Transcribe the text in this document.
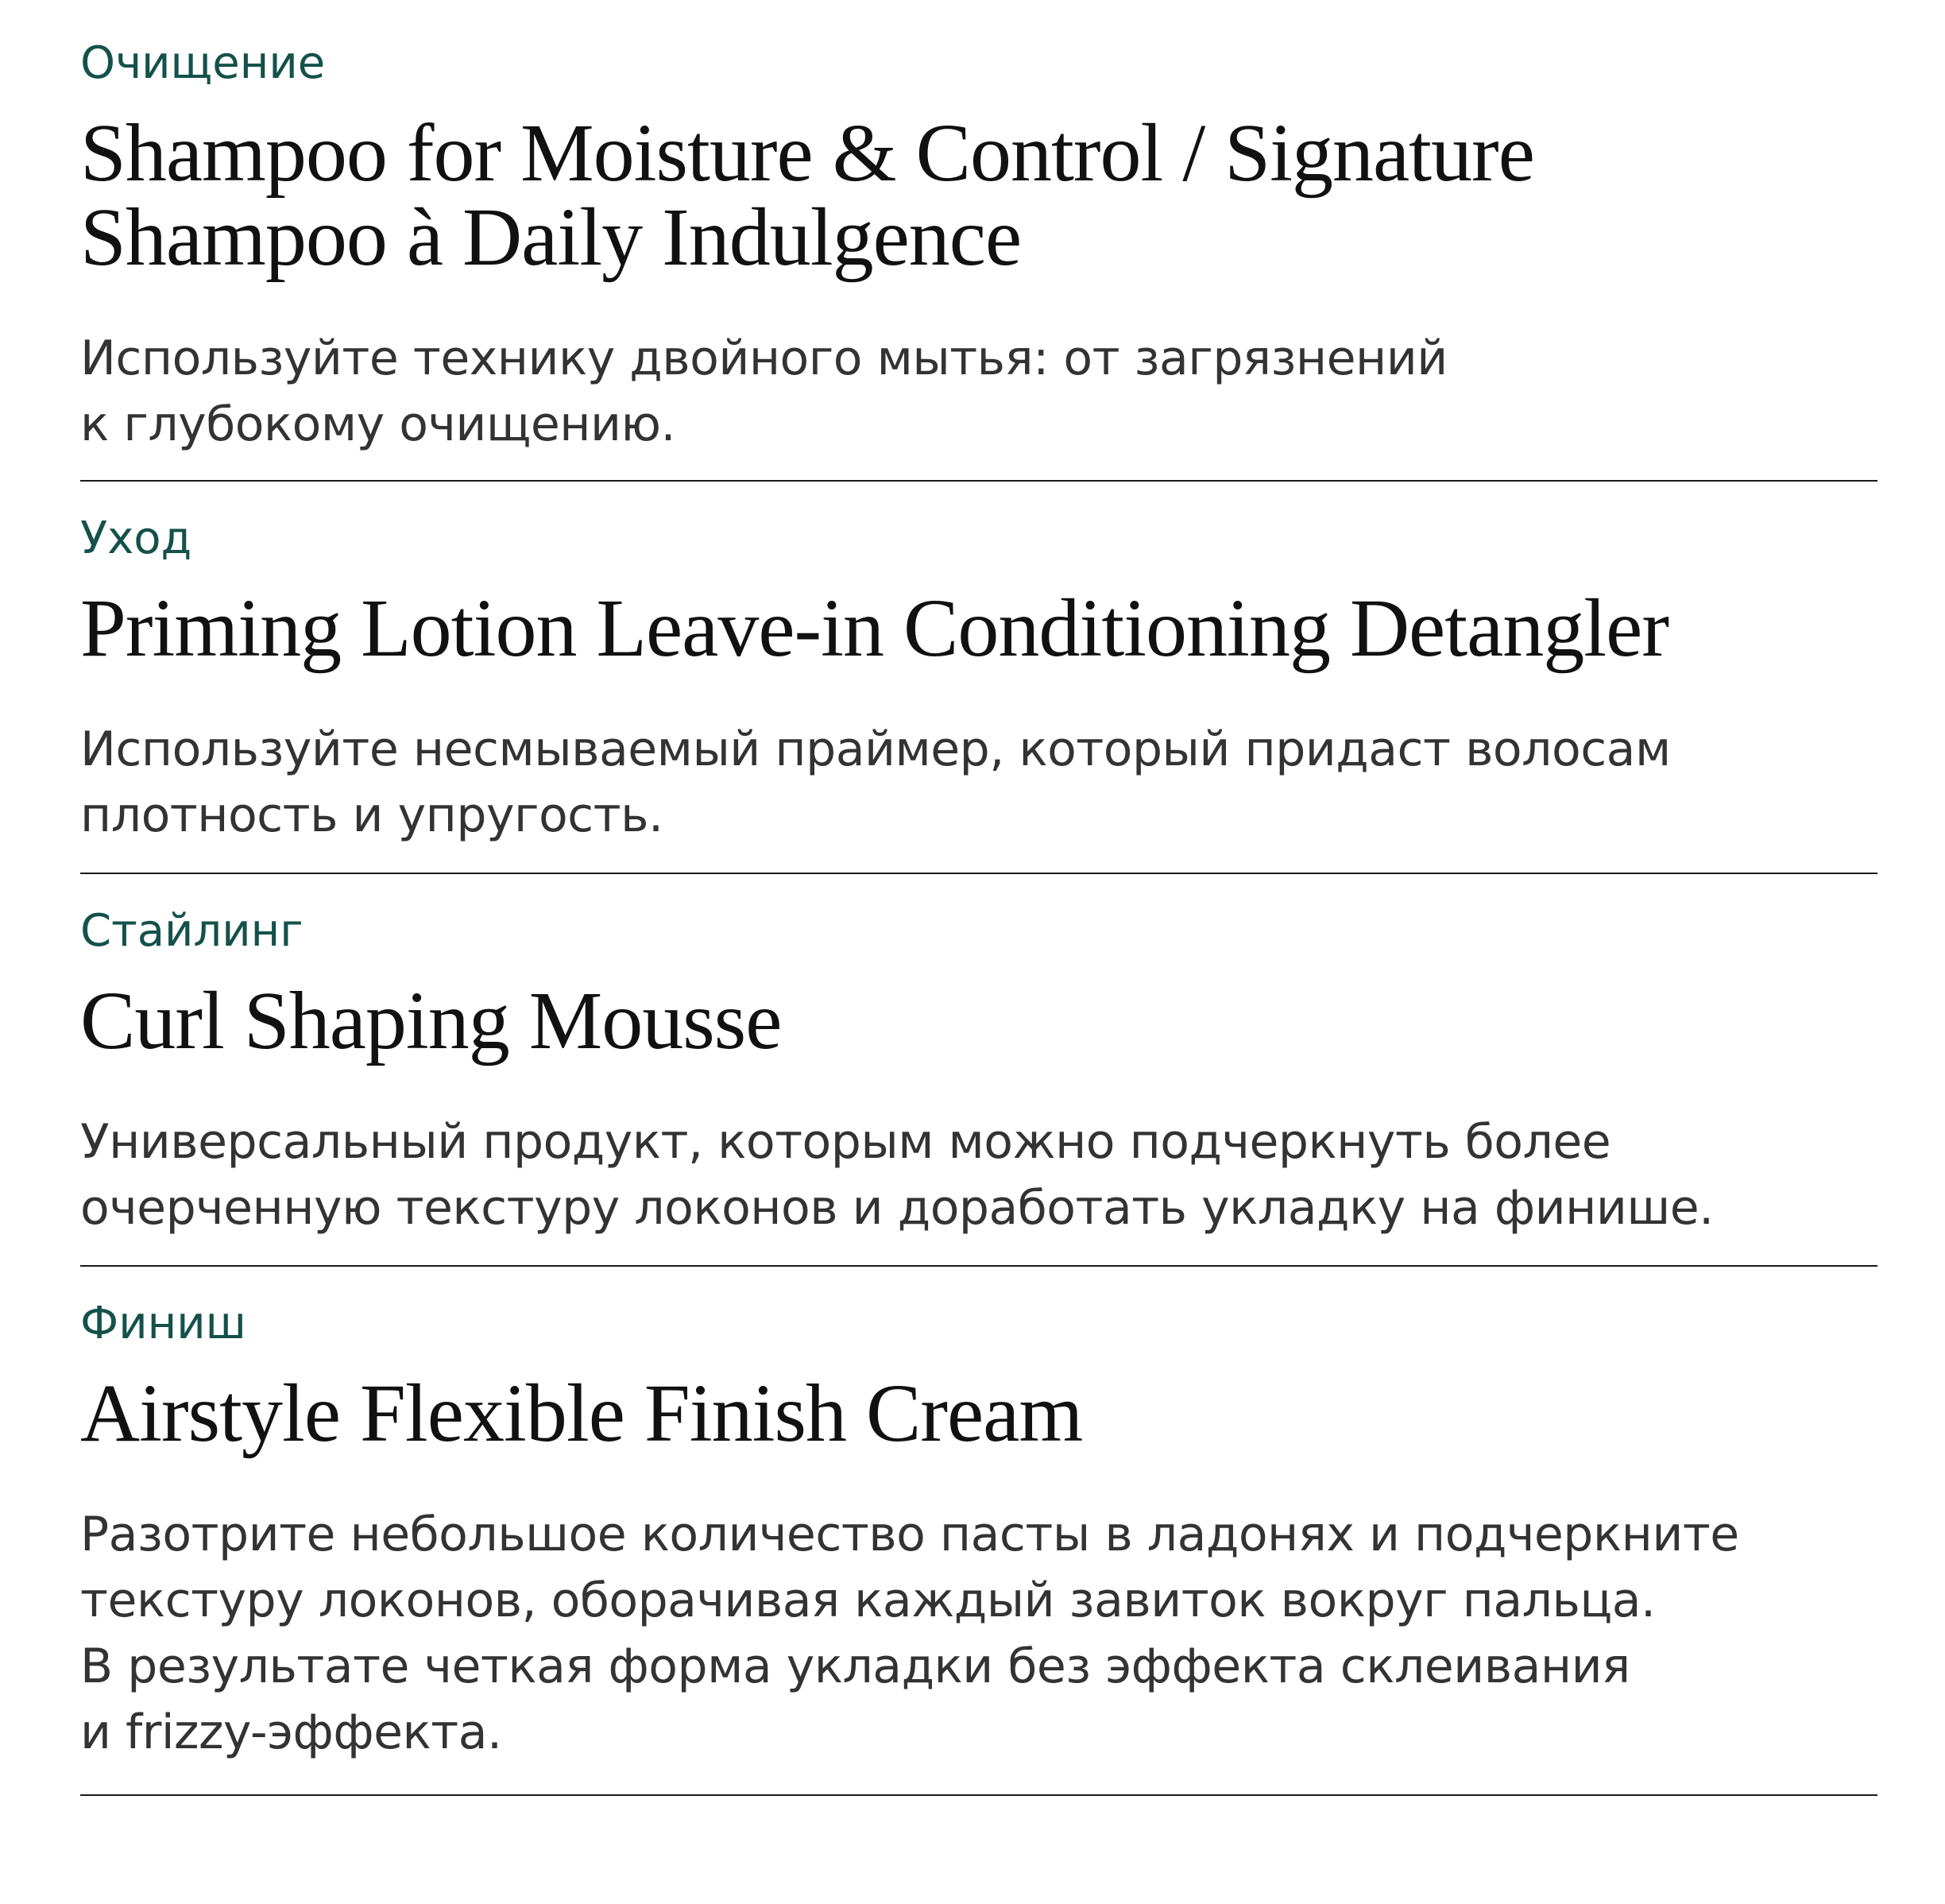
Очищение
Shampoo for Moisture & Control / Signature
Shampoo à Daily Indulgence
Используйте технику двойного мытья: от загрязнений
к глубокому очищению.
Уход
Priming Lotion Leave-in Conditioning Detangler
Используйте несмываемый праймер, который придаст волосам
плотность и упругость.
Стайлинг
Curl Shaping Mousse
Универсальный продукт, которым можно подчеркнуть более
очерченную текстуру локонов и доработать укладку на финише.
Финиш
Airstyle Flexible Finish Cream
Разотрите небольшое количество пасты в ладонях и подчеркните
текстуру локонов, оборачивая каждый завиток вокруг пальца.
В результате четкая форма укладки без эффекта склеивания
и frizzy-эффекта.
